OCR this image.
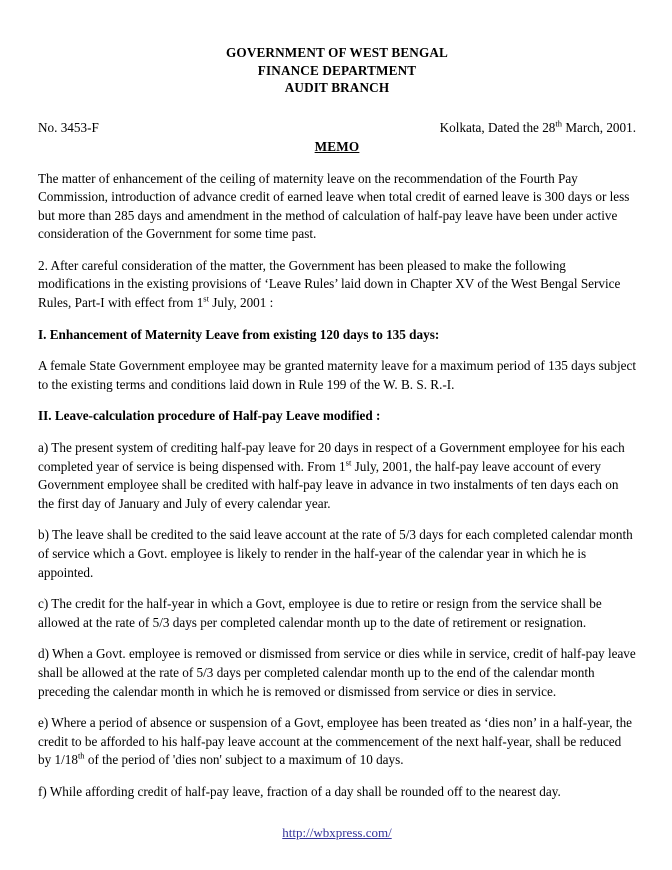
GOVERNMENT OF WEST BENGAL
FINANCE DEPARTMENT
AUDIT BRANCH
No. 3453-F	Kolkata, Dated the 28th March, 2001.
MEMO

The matter of enhancement of the ceiling of maternity leave on the recommendation of the Fourth Pay Commission, introduction of advance credit of earned leave when total credit of earned leave is 300 days or less but more than 285 days and amendment in the method of calculation of half-pay leave have been under active consideration of the Government for some time past.

2. After careful consideration of the matter, the Government has been pleased to make the following modifications in the existing provisions of ‘Leave Rules’ laid down in Chapter XV of the West Bengal Service Rules, Part-I with effect from 1st July, 2001 :

I. Enhancement of Maternity Leave from existing 120 days to 135 days:

A female State Government employee may be granted maternity leave for a maximum period of 135 days subject to the existing terms and conditions laid down in Rule 199 of the W. B. S. R.-I.

II. Leave-calculation procedure of Half-pay Leave modified :

a) The present system of crediting half-pay leave for 20 days in respect of a Government employee for his each completed year of service is being dispensed with. From 1st July, 2001, the half-pay leave account of every Government employee shall be credited with half-pay leave in advance in two instalments of ten days each on the first day of January and July of every calendar year.

b) The leave shall be credited to the said leave account at the rate of 5/3 days for each completed calendar month of service which a Govt. employee is likely to render in the half-year of the calendar year in which he is appointed.

c) The credit for the half-year in which a Govt, employee is due to retire or resign from the service shall be allowed at the rate of 5/3 days per completed calendar month up to the date of retirement or resignation.

d) When a Govt. employee is removed or dismissed from service or dies while in service, credit of half-pay leave shall be allowed at the rate of 5/3 days per completed calendar month up to the end of the calendar month preceding the calendar month in which he is removed or dismissed from service or dies in service.

e) Where a period of absence or suspension of a Govt, employee has been treated as ‘dies non’ in a half-year, the credit to be afforded to his half-pay leave account at the commencement of the next half-year, shall be reduced by 1/18th of the period of 'dies non' subject to a maximum of 10 days.

f) While affording credit of half-pay leave, fraction of a day shall be rounded off to the nearest day.

http://wbxpress.com/
